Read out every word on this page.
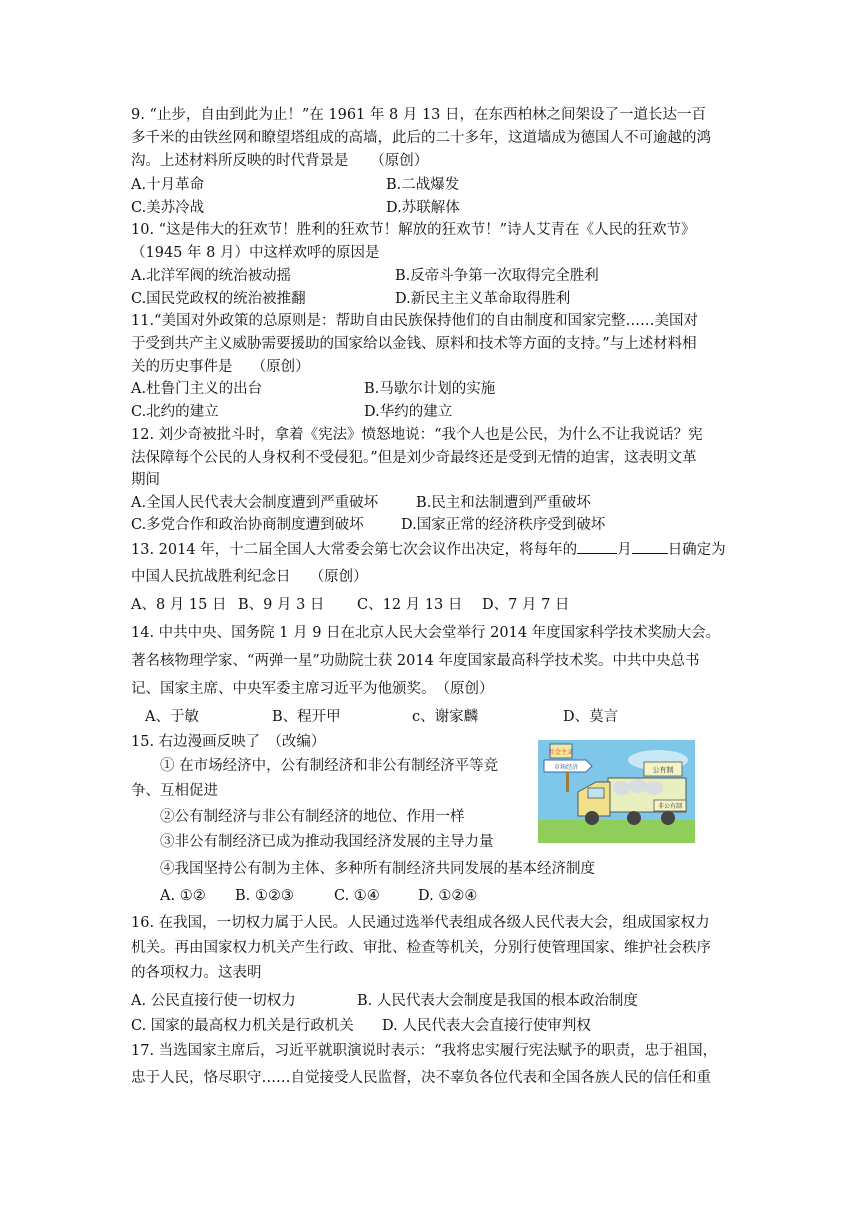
9. “止步，自由到此为止！”在 1961 年 8 月 13 日，在东西柏林之间架设了一道长达一百
多千米的由铁丝网和瞭望塔组成的高墙，此后的二十多年，这道墙成为德国人不可逾越的鸿
沟。上述材料所反映的时代背景是　　（原创）
A.十月革命	B.二战爆发
C.美苏冷战	D.苏联解体
10. “这是伟大的狂欢节！胜利的狂欢节！解放的狂欢节！”诗人艾青在《人民的狂欢节》
（1945 年 8 月）中这样欢呼的原因是
A.北洋军阀的统治被动摇	B.反帝斗争第一次取得完全胜利
C.国民党政权的统治被推翻	D.新民主主义革命取得胜利
11.“美国对外政策的总原则是：帮助自由民族保持他们的自由制度和国家完整……美国对
于受到共产主义威胁需要援助的国家给以金钱、原料和技术等方面的支持。”与上述材料相
关的历史事件是　 （原创）
A.杜鲁门主义的出台	B.马歇尔计划的实施
C.北约的建立	D.华约的建立
12. 刘少奇被批斗时，拿着《宪法》愤怒地说：“我个人也是公民，为什么不让我说话？宪
法保障每个公民的人身权利不受侵犯。”但是刘少奇最终还是受到无情的迫害，这表明文革
期间
A.全国人民代表大会制度遭到严重破坏	B.民主和法制遭到严重破坏
C.多党合作和政治协商制度遭到破坏	D.国家正常的经济秩序受到破坏
13. 2014 年，十二届全国人大常委会第七次会议作出决定，将每年的	月 日确定为
中国人民抗战胜利纪念日　 （原创）
A、8 月 15 日 B、9 月 3 日 C、12 月 13 日 D、7 月 7 日
14. 中共中央、国务院 1 月 9 日在北京人民大会堂举行 2014 年度国家科学技术奖励大会。
著名核物理学家、“两弹一星”功勋院士获 2014 年度国家最高科学技术奖。中共中央总书
记、国家主席、中央军委主席习近平为他颁奖。　（原创）
A、于敏	B、程开甲	c、谢家麟	D、莫言
15. 右边漫画反映了　（改编）
① 在市场经济中，公有制经济和非公有制经济平等竞
争、互相促进
②公有制经济与非公有制经济的地位、作用一样
③非公有制经济已成为推动我国经济发展的主导力量
④我国坚持公有制为主体、多种所有制经济共同发展的基本经济制度
A. ①② B. ①②③	C. ①④	D. ①②④
社会主义
市场经济	公有制
非公有制
16. 在我国，一切权力属于人民。人民通过选举代表组成各级人民代表大会，组成国家权力
机关。再由国家权力机关产生行政、审批、检查等机关，分别行使管理国家、维护社会秩序
的各项权力。这表明
A. 公民直接行使一切权力	B. 人民代表大会制度是我国的根本政治制度
C. 国家的最高权力机关是行政机关 D. 人民代表大会直接行使审判权
17. 当选国家主席后，习近平就职演说时表示：“我将忠实履行宪法赋予的职责，忠于祖国，
忠于人民，恪尽职守……自觉接受人民监督，决不辜负各位代表和全国各族人民的信任和重
